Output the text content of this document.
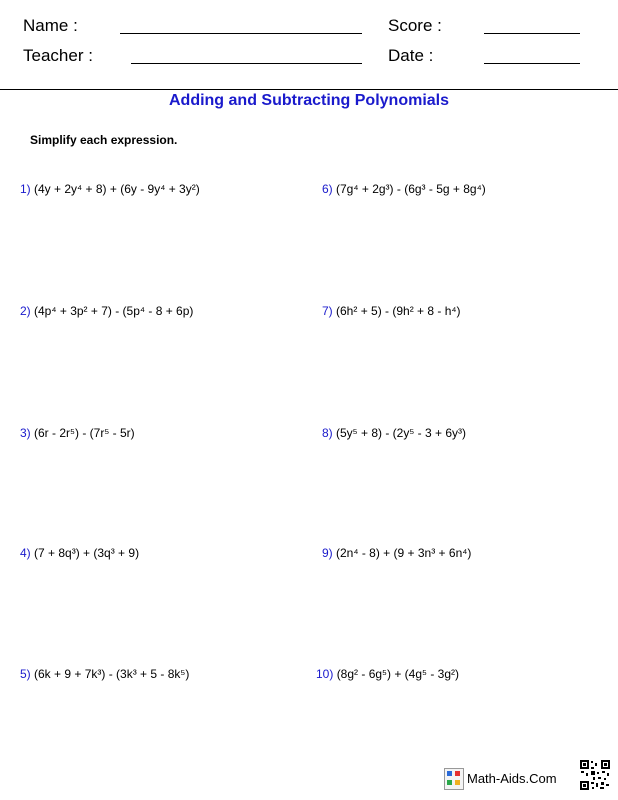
Name :	Score :
Teacher :	Date :
Adding and Subtracting Polynomials
Simplify each expression.
1) (4y + 2y⁴ + 8) + (6y - 9y⁴ + 3y²)
2) (4p⁴ + 3p² + 7) - (5p⁴ - 8 + 6p)
3) (6r - 2r⁵) - (7r⁵ - 5r)
4) (7 + 8q³) + (3q³ + 9)
5) (6k + 9 + 7k³) - (3k³ + 5 - 8k⁵)
6) (7g⁴ + 2g³) - (6g³ - 5g + 8g⁴)
7) (6h² + 5) - (9h² + 8 - h⁴)
8) (5y⁵ + 8) - (2y⁵ - 3 + 6y³)
9) (2n⁴ - 8) + (9 + 3n³ + 6n⁴)
10) (8g² - 6g⁵) + (4g⁵ - 3g²)
Math-Aids.Com
